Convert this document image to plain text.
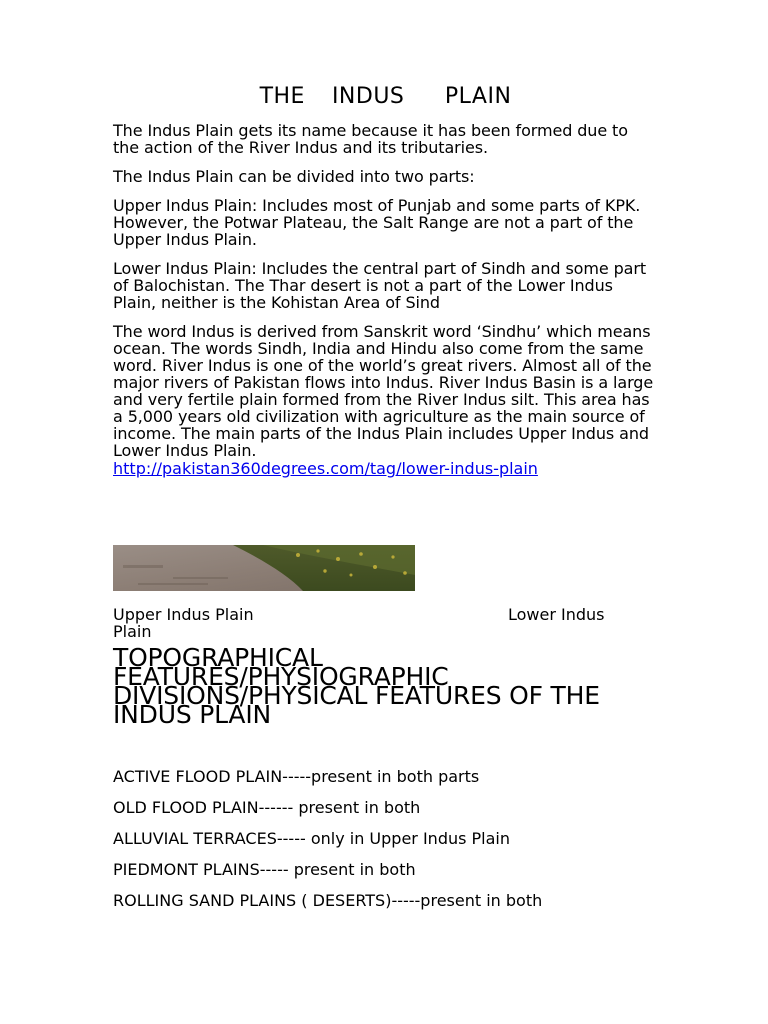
THE  INDUS   PLAIN

The Indus Plain gets its name because it has been formed due to the action of the River Indus and its tributaries.

The Indus Plain can be divided into two parts:

Upper Indus Plain: Includes most of Punjab and some parts of KPK. However, the Potwar Plateau, the Salt Range are not a part of the Upper Indus Plain.

Lower Indus Plain: Includes the central part of Sindh and some part of Balochistan. The Thar desert is not a part of the Lower Indus Plain, neither is the Kohistan Area of Sind

The word Indus is derived from Sanskrit word ‘Sindhu’ which means ocean. The words Sindh, India and Hindu also come from the same word. River Indus is one of the world’s great rivers. Almost all of the major rivers of Pakistan flows into Indus. River Indus Basin is a large and very fertile plain formed from the River Indus silt. This area has a 5,000 years old civilization with agriculture as the main source of income. The main parts of the Indus Plain includes Upper Indus and Lower Indus Plain.

http://pakistan360degrees.com/tag/lower-indus-plain
Upper Indus Plain	Lower Indus
Plain
TOPOGRAPHICAL FEATURES/PHYSIOGRAPHIC DIVISIONS/PHYSICAL FEATURES OF THE INDUS PLAIN

ACTIVE FLOOD PLAIN-----present in both parts

OLD FLOOD PLAIN------ present in both

ALLUVIAL TERRACES----- only in Upper Indus Plain

PIEDMONT PLAINS----- present in both

ROLLING SAND PLAINS ( DESERTS)-----present in both
